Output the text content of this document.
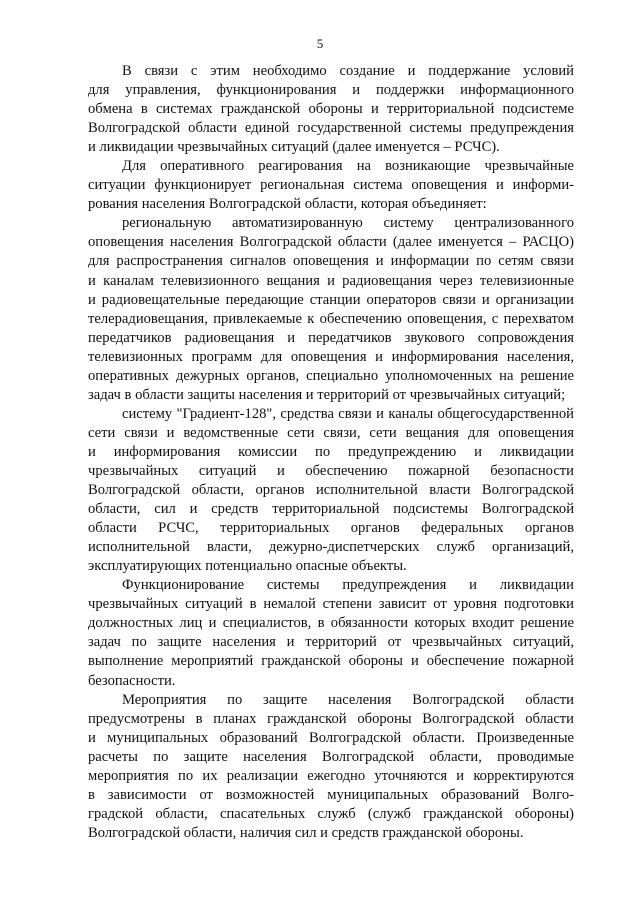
5
В связи с этим необходимо создание и поддержание условий
для управления, функционирования и поддержки информационного
обмена в системах гражданской обороны и территориальной подсистеме
Волгоградской области единой государственной системы предупреждения
и ликвидации чрезвычайных ситуаций (далее именуется – РСЧС).
Для оперативного реагирования на возникающие чрезвычайные
ситуации функционирует региональная система оповещения и информи-
рования населения Волгоградской области, которая объединяет:
региональную автоматизированную систему централизованного
оповещения населения Волгоградской области (далее именуется – РАСЦО)
для распространения сигналов оповещения и информации по сетям связи
и каналам телевизионного вещания и радиовещания через телевизионные
и радиовещательные передающие станции операторов связи и организации
телерадиовещания, привлекаемые к обеспечению оповещения, с перехватом
передатчиков радиовещания и передатчиков звукового сопровождения
телевизионных программ для оповещения и информирования населения,
оперативных дежурных органов, специально уполномоченных на решение
задач в области защиты населения и территорий от чрезвычайных ситуаций;
систему "Градиент-128", средства связи и каналы общегосударственной
сети связи и ведомственные сети связи, сети вещания для оповещения
и информирования комиссии по предупреждению и ликвидации
чрезвычайных ситуаций и обеспечению пожарной безопасности
Волгоградской области, органов исполнительной власти Волгоградской
области, сил и средств территориальной подсистемы Волгоградской
области РСЧС, территориальных органов федеральных органов
исполнительной власти, дежурно-диспетчерских служб организаций,
эксплуатирующих потенциально опасные объекты.
Функционирование системы предупреждения и ликвидации
чрезвычайных ситуаций в немалой степени зависит от уровня подготовки
должностных лиц и специалистов, в обязанности которых входит решение
задач по защите населения и территорий от чрезвычайных ситуаций,
выполнение мероприятий гражданской обороны и обеспечение пожарной
безопасности.
Мероприятия по защите населения Волгоградской области
предусмотрены в планах гражданской обороны Волгоградской области
и муниципальных образований Волгоградской области. Произведенные
расчеты по защите населения Волгоградской области, проводимые
мероприятия по их реализации ежегодно уточняются и корректируются
в зависимости от возможностей муниципальных образований Волго-
градской области, спасательных служб (служб гражданской обороны)
Волгоградской области, наличия сил и средств гражданской обороны.
